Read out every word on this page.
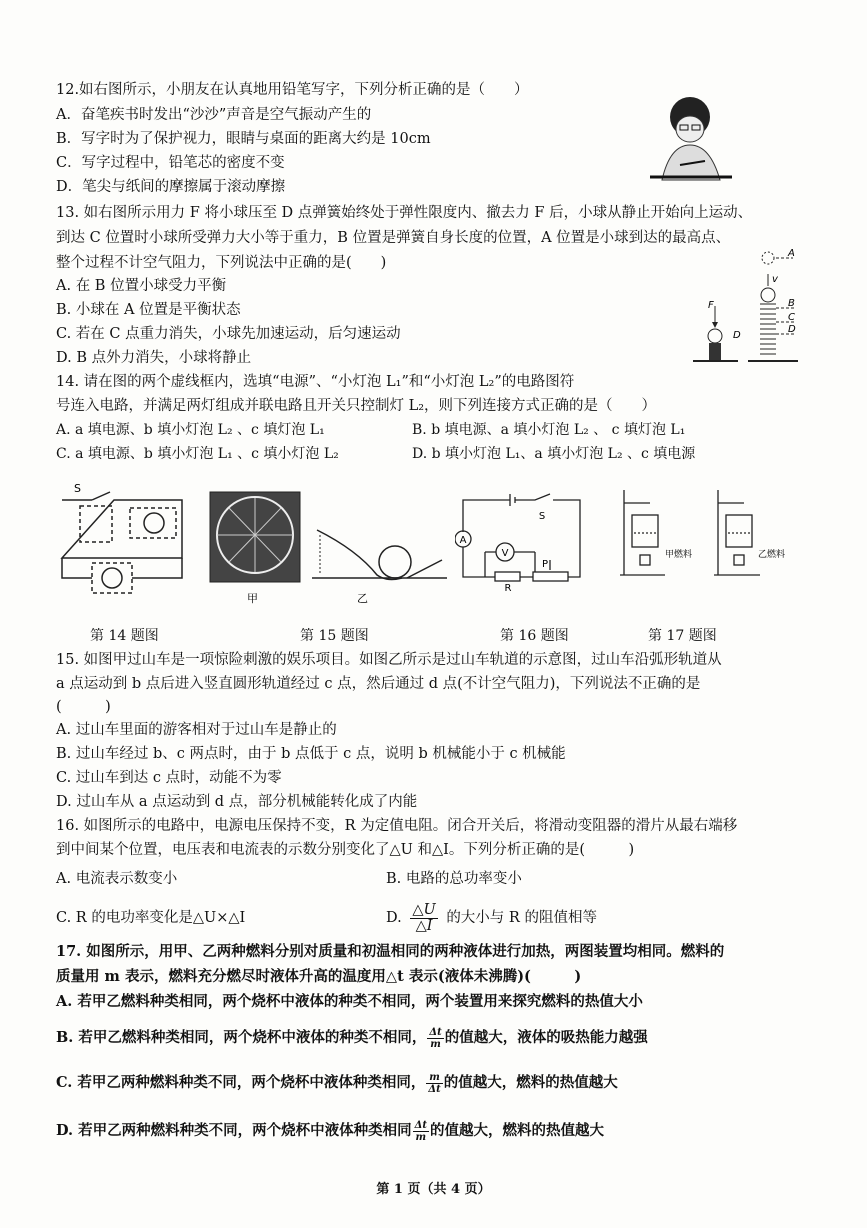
12.如右图所示，小朋友在认真地用铅笔写字，下列分析正确的是（　　）
A．奋笔疾书时发出“沙沙”声音是空气振动产生的
B．写字时为了保护视力，眼睛与桌面的距离大约是 10cm
C．写字过程中，铅笔芯的密度不变
D．笔尖与纸间的摩擦属于滚动摩擦
13. 如右图所示用力 F 将小球压至 D 点弹簧始终处于弹性限度内、撤去力 F 后，小球从静止开始向上运动、
到达 C 位置时小球所受弹力大小等于重力，B 位置是弹簧自身长度的位置，A 位置是小球到达的最高点、
整个过程不计空气阻力，下列说法中正确的是(　　)
A. 在 B 位置小球受力平衡
B. 小球在 A 位置是平衡状态
C. 若在 C 点重力消失，小球先加速运动，后匀速运动
D. B 点外力消失，小球将静止
A
v
B
C
D
F
D
14. 请在图的两个虚线框内，选填“电源”、“小灯泡 L₁”和“小灯泡 L₂”的电路图符
号连入电路，并满足两灯组成并联电路且开关只控制灯 L₂，则下列连接方式正确的是（　　）
A. a 填电源、b 填小灯泡 L₂ 、c 填灯泡 L₁	B. b 填电源、a 填小灯泡 L₂ 、 c 填灯泡 L₁
C. a 填电源、b 填小灯泡 L₁ 、c 填小灯泡 L₂	D. b 填小灯泡 L₁、a 填小灯泡 L₂ 、c 填电源
S
甲	乙
A
V
R
P
S
甲燃料	乙燃料
第 14 题图	第 15 题图	第 16 题图	第 17 题图
15. 如图甲过山车是一项惊险刺激的娱乐项目。如图乙所示是过山车轨道的示意图，过山车沿弧形轨道从
a 点运动到 b 点后进入竖直圆形轨道经过 c 点，然后通过 d 点(不计空气阻力)，下列说法不正确的是
(　　　)
A. 过山车里面的游客相对于过山车是静止的
B. 过山车经过 b、c 两点时，由于 b 点低于 c 点，说明 b 机械能小于 c 机械能
C. 过山车到达 c 点时，动能不为零
D. 过山车从 a 点运动到 d 点，部分机械能转化成了内能
16. 如图所示的电路中，电源电压保持不变，R 为定值电阻。闭合开关后，将滑动变阻器的滑片从最右端移
到中间某个位置，电压表和电流表的示数分别变化了△U 和△I。下列分析正确的是(　　　)
A. 电流表示数变小	B. 电路的总功率变小
C. R 的电功率变化是△U×△I	D. $\frac{\triangle U}{\triangle I}$ 的大小与 R 的阻值相等
17. 如图所示，用甲、乙两种燃料分别对质量和初温相同的两种液体进行加热，两图装置均相同。燃料的
质量用 m 表示，燃料充分燃尽时液体升高的温度用△t 表示(液体未沸腾)(　　　)
A. 若甲乙燃料种类相同，两个烧杯中液体的种类不相同，两个装置用来探究燃料的热值大小
B. 若甲乙燃料种类相同，两个烧杯中液体的种类不相同， $\frac{\Delta t}{m}$ 的值越大，液体的吸热能力越强
C. 若甲乙两种燃料种类不同，两个烧杯中液体种类相同， $\frac{m}{\Delta t}$ 的值越大，燃料的热值越大
D. 若甲乙两种燃料种类不同，两个烧杯中液体种类相同 $\frac{\Delta t}{m}$ 的值越大，燃料的热值越大
第 1 页（共 4 页）
